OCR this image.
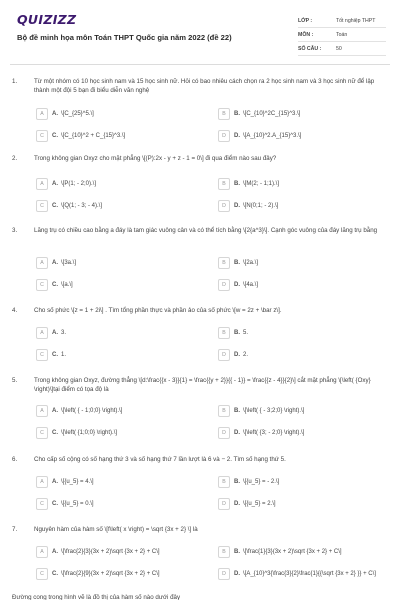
QUIZIZZ
Bộ đề minh họa môn Toán THPT Quốc gia năm 2022 (đề 22)
LỚP :	Tốt nghiệp THPT
MÔN :	Toán
SỐ CÂU :	50
1.	Từ một nhóm có 10 học sinh nam và 15 học sinh nữ. Hỏi có bao nhiêu cách chọn ra 2 học sinh nam và 3 học sinh nữ để lập thành một đội 5 bạn đi biểu diễn văn nghệ
A	A. \[C_{25}^5.\]	B	B. \[C_{10}^2C_{15}^3.\]
C	C. \[C_{10}^2 + C_{15}^3.\]	D	D. \[A_{10}^2.A_{15}^3.\]
2.	Trong không gian Oxyz cho mặt phẳng \[(P):2x - y + z - 1 = 0\] đi qua điểm nào sau đây?
A	A. \[P(1; - 2;0).\]	B	B. \[M(2; - 1;1).\]
C	C. \[Q(1; - 3; - 4).\]	D	D. \[N(0;1; - 2).\]
3.	Lăng trụ có chiều cao bằng a đáy là tam giác vuông cân và có thể tích bằng \[2{a^3}\]. Cạnh góc vuông của đáy lăng trụ bằng
A	A. \[3a.\]	B	B. \[2a.\]
C	C. \[a.\]	D	D. \[4a.\]
4.	Cho số phức \[z = 1 + 2i\] . Tìm tổng phần thực và phần ảo của số phức \[w = 2z + \bar z\].
A	A. 3.	B	B. 5.
C	C. 1.	D	D. 2.
5.	Trong không gian Oxyz, đường thẳng \[d:\frac{{x - 3}}{1} = \frac{{y + 2}}{{ - 1}} = \frac{{z - 4}}{2}\] cắt mặt phẳng \[\left( {Oxy} \right)\]tại điểm có tọa độ là
A	A. \[\left( { - 1;0;0} \right).\]	B	B. \[\left( { - 3;2;0} \right).\]
C	C. \[\left( {1;0;0} \right).\]	D	D. \[\left( {3; - 2;0} \right).\]
6.	Cho cấp số cộng có số hạng thứ 3 và số hạng thứ 7 lần lượt là 6 và − 2. Tìm số hạng thứ 5.
A	A. \[{u_5} = 4.\]	B	B. \[{u_5} = - 2.\]
C	C. \[{u_5} = 0.\]	D	D. \[{u_5} = 2.\]
7.	Nguyên hàm của hàm số \[f\left( x \right) = \sqrt {3x + 2} \] là
A	A. \[\frac{2}{3}(3x + 2)\sqrt {3x + 2} + C\]	B	B. \[\frac{1}{3}(3x + 2)\sqrt {3x + 2} + C\]
C	C. \[\frac{2}{9}(3x + 2)\sqrt {3x + 2} + C\]	D	D. \[A_{10}^3{\frac{3}{2}\frac{1}{{\sqrt {3x + 2} }} + C\]
Đường cong trong hình vẽ là đồ thị của hàm số nào dưới đây
